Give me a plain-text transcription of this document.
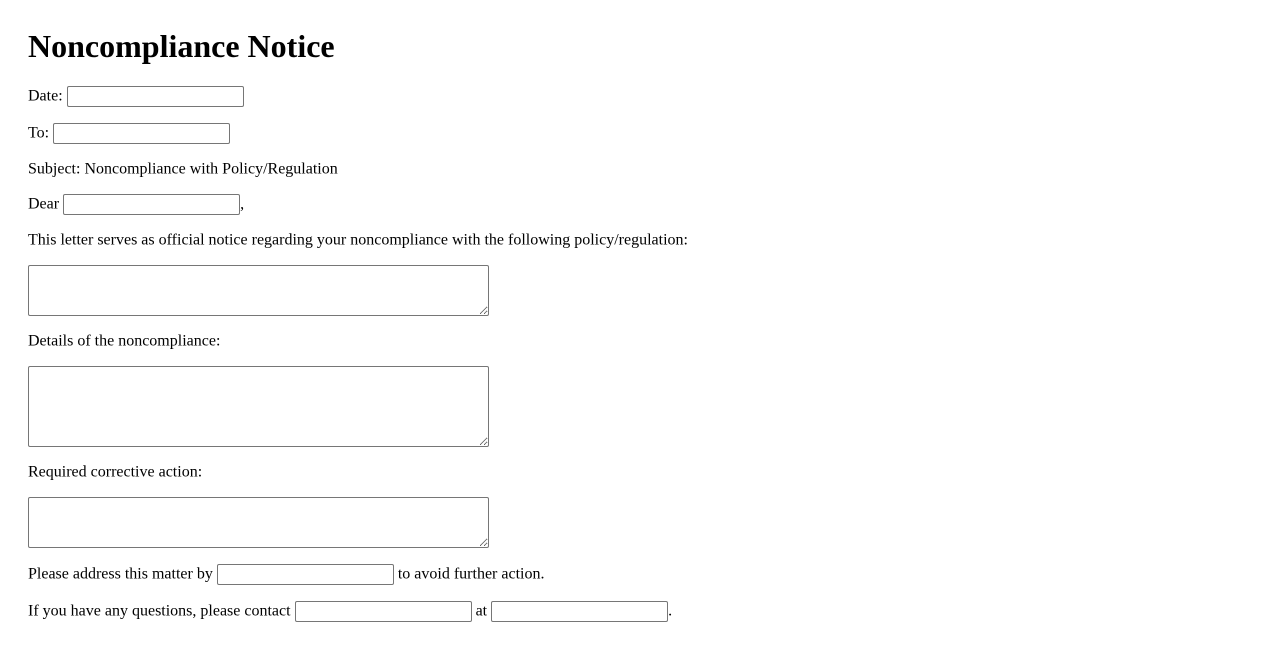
Noncompliance Notice
Date:
To:
Subject: Noncompliance with Policy/Regulation
Dear	,
This letter serves as official notice regarding your noncompliance with the following policy/regulation:
Details of the noncompliance:
Required corrective action:
Please address this matter by	to avoid further action.
If you have any questions, please contact	at	.
